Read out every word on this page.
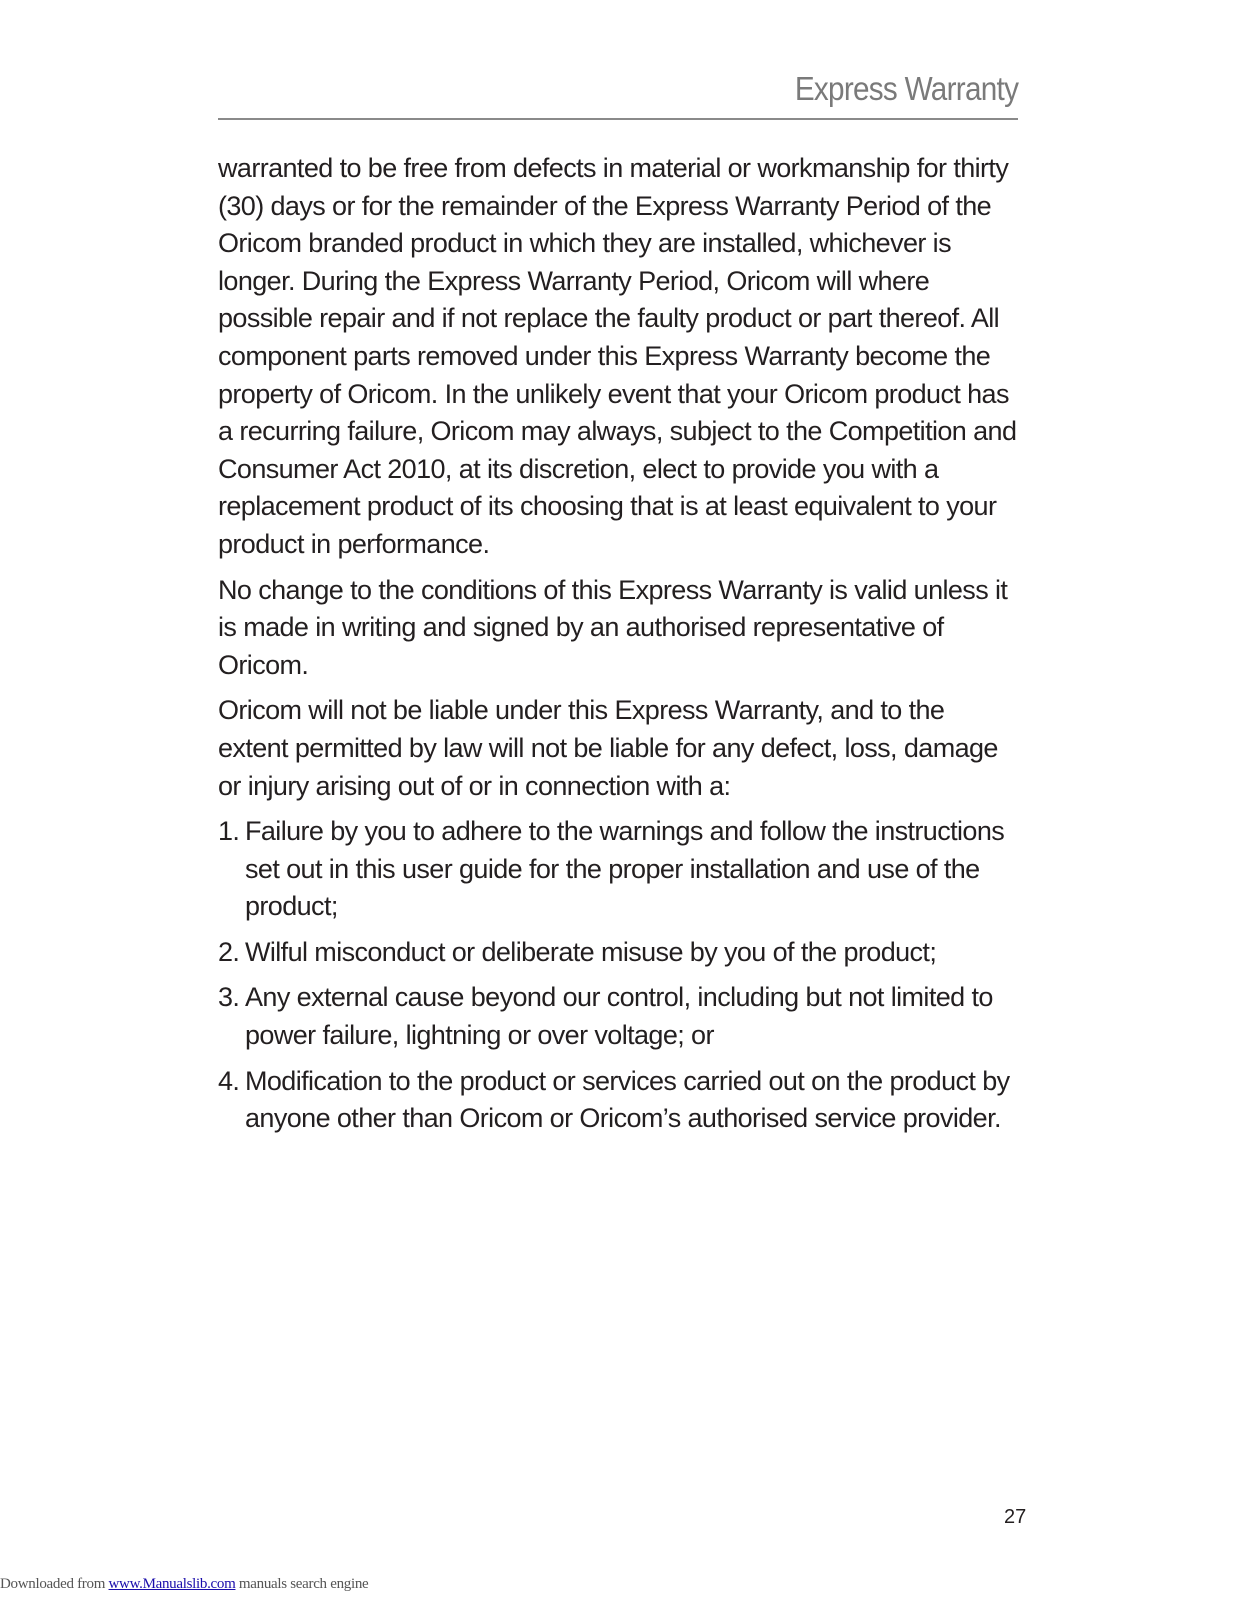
Express Warranty

warranted to be free from defects in material or workmanship for thirty (30) days or for the remainder of the Express Warranty Period of the Oricom branded product in which they are installed, whichever is longer. During the Express Warranty Period, Oricom will where possible repair and if not replace the faulty product or part thereof. All component parts removed under this Express Warranty become the property of Oricom. In the unlikely event that your Oricom product has a recurring failure, Oricom may always, subject to the Competition and Consumer Act 2010, at its discretion, elect to provide you with a replacement product of its choosing that is at least equivalent to your product in performance.

No change to the conditions of this Express Warranty is valid unless it is made in writing and signed by an authorised representative of Oricom.

Oricom will not be liable under this Express Warranty, and to the extent permitted by law will not be liable for any defect, loss, damage or injury arising out of or in connection with a:

1. Failure by you to adhere to the warnings and follow the instructions set out in this user guide for the proper installation and use of the product;
2. Wilful misconduct or deliberate misuse by you of the product;
3. Any external cause beyond our control, including but not limited to power failure, lightning or over voltage; or
4. Modification to the product or services carried out on the product by anyone other than Oricom or Oricom’s authorised service provider.
27
Downloaded from www.Manualslib.com manuals search engine
